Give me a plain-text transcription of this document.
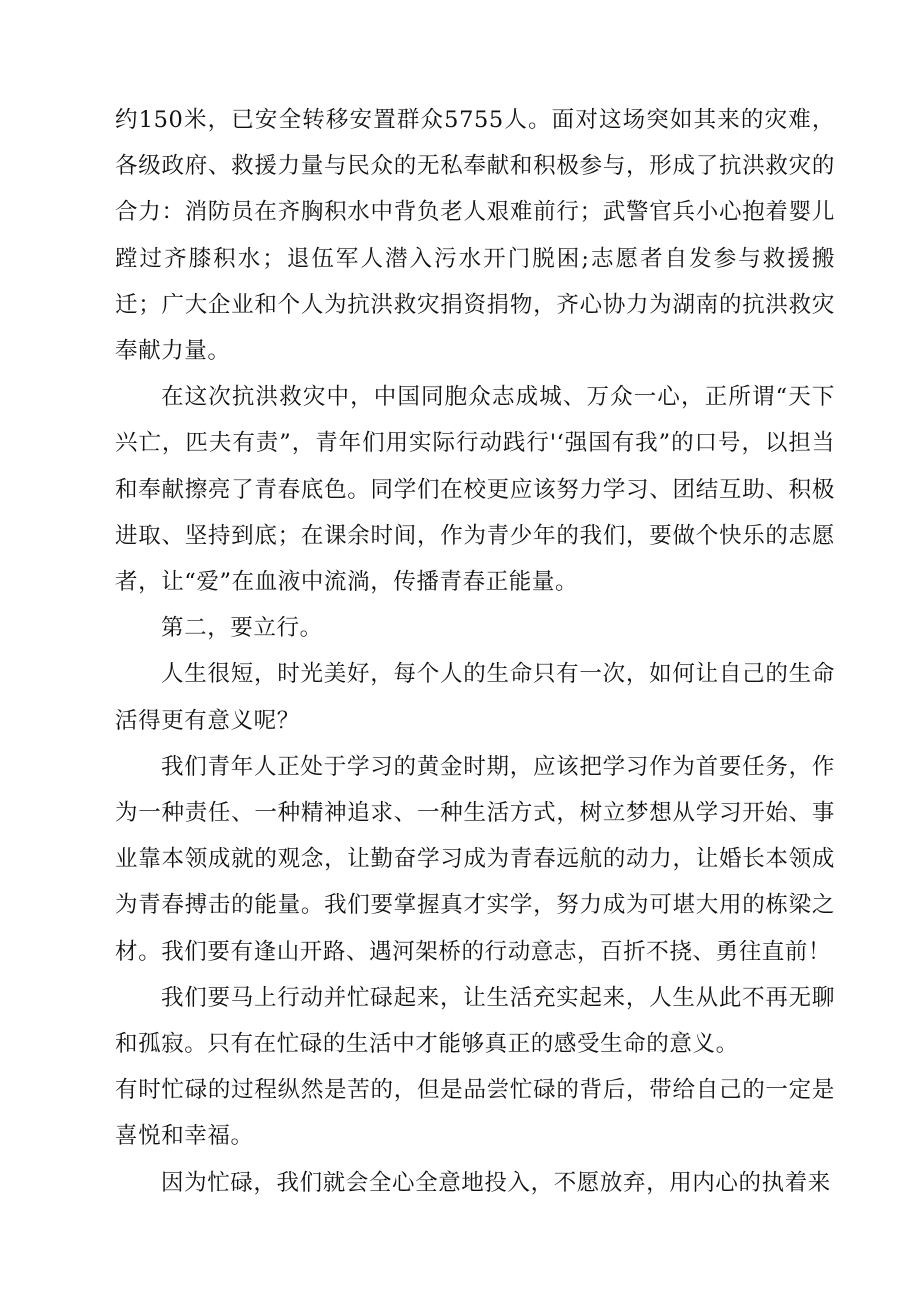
约150米，已安全转移安置群众5755人。面对这场突如其来的灾难，各级政府、救援力量与民众的无私奉献和积极参与，形成了抗洪救灾的合力：消防员在齐胸积水中背负老人艰难前行；武警官兵小心抱着婴儿蹚过齐膝积水；退伍军人潜入污水开门脱困;志愿者自发参与救援搬迁；广大企业和个人为抗洪救灾捐资捐物，齐心协力为湖南的抗洪救灾奉献力量。

在这次抗洪救灾中，中国同胞众志成城、万众一心，正所谓“天下兴亡，匹夫有责”，青年们用实际行动践行'‘强国有我”的口号，以担当和奉献擦亮了青春底色。同学们在校更应该努力学习、团结互助、积极进取、坚持到底；在课余时间，作为青少年的我们，要做个快乐的志愿者，让“爱”在血液中流淌，传播青春正能量。

第二，要立行。

人生很短，时光美好，每个人的生命只有一次，如何让自己的生命活得更有意义呢？

我们青年人正处于学习的黄金时期，应该把学习作为首要任务，作为一种责任、一种精神追求、一种生活方式，树立梦想从学习开始、事业靠本领成就的观念，让勤奋学习成为青春远航的动力，让婚长本领成为青春搏击的能量。我们要掌握真才实学，努力成为可堪大用的栋梁之材。我们要有逢山开路、遇河架桥的行动意志，百折不挠、勇往直前！

我们要马上行动并忙碌起来，让生活充实起来，人生从此不再无聊和孤寂。只有在忙碌的生活中才能够真正的感受生命的意义。

有时忙碌的过程纵然是苦的，但是品尝忙碌的背后，带给自己的一定是喜悦和幸福。

因为忙碌，我们就会全心全意地投入，不愿放弃，用内心的执着来
